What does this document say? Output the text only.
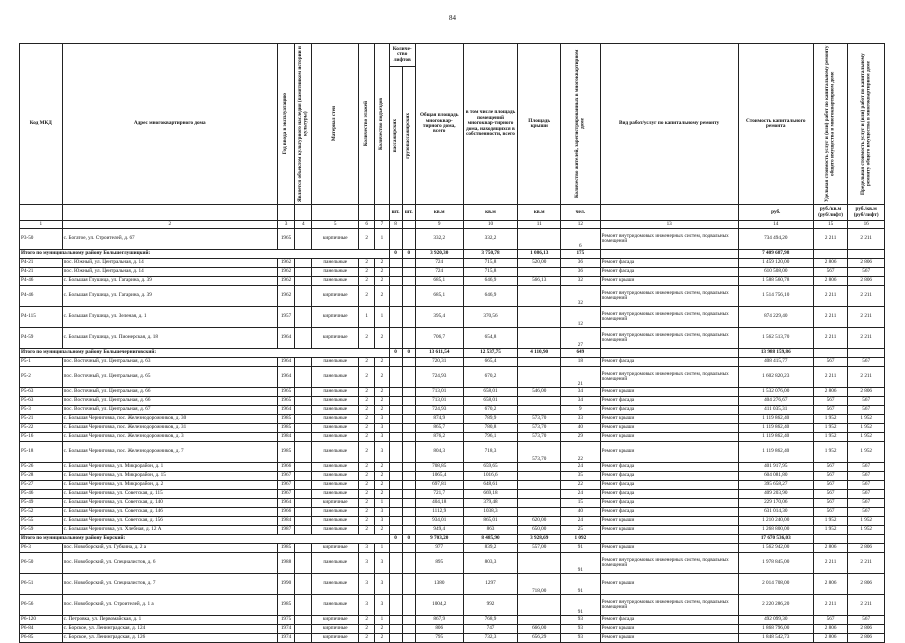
84
Код МКД	Адрес многоквартирного дома	Год ввода в эксплуатацию	Является объектом культурного наследия (памятником истории и культуры)	Материал стен	Количество этажей	Количество подъездов	Количе-ство лифтов		Общая площадь многоквар-тирного дома, всего	в том числе площадь помещений многоквар-тирного дома, находящихся в собственности, всего	Площадь крыши	Количество жителей, зарегистрированных в многоквартирном доме	Вид работ/услуг по капитальному ремонту	Стоимость капитального ремонта	Удельная стоимость услуг и (или) работ по капитальному ремонту общего имущества в многоквартирном доме	Предельная стоимость услуг и (или) работ по капитальному ремонту общего имущества в многоквартирном доме

							пассажирских	грузопассажирских								

							шт.	шт.	кв.м	кв.м	кв.м	чел.		руб.	руб./кв.м (руб/лифт)	руб./кв.м (руб/лифт)
1	2	3	4	5	6	7	8		9	10	11	12	13	14	15	16
Р3-50	с. Богатое, ул. Строителей, д. 67	1965		кирпичные	2	1			332,2	332,2		6	Ремонт внутридомовых инженерных систем, подвальных помещений	734 494,20	2 211	2 211
Итого по муниципальному району Большеглушицкий:							0	0	3 920,30	3 750,78	1 086,13	175		7 409 687,98		
Р4-21	пос. Южный, ул. Центральная, д. 14	1962		панельные	2	2			724	715,8	520,00	36	Ремонт фасада	1 459 120,00	2 806	2 806
Р4-21	пос. Южный, ул. Центральная, д. 14	1962		панельные	2	2			724	715,8		36	Ремонт фасада	610 508,00	567	567
Р4-46	с. Большая Глушица, ул. Гагарина, д. 39	1962		панельные	2	2			685,1	646,9	566,13	32	Ремонт крыши	1 588 560,78	2 806	2 806
Р4-46	с. Большая Глушица, ул. Гагарина, д. 39	1962		кирпичные	2	2			685,1	646,9		32	Ремонт внутридомовых инженерных систем, подвальных помещений	1 514 756,10	2 211	2 211
Р4-115	с. Большая Глушица, ул. Зеленая, д. 1	1957		кирпичные	1	1			395,4	370,56		12	Ремонт внутридомовых инженерных систем, подвальных помещений	874 229,40	2 211	2 211
Р4-59	с. Большая Глушица, ул. Пионерская, д. 18	1964		кирпичные	2	2			706,7	654,8		27	Ремонт внутридомовых инженерных систем, подвальных помещений	1 562 513,70	2 211	2 211
Итого по муниципальному району Большечерниговский:							0	0	13 611,54	12 537,75	4 110,90	649		13 988 159,86		
Р5-1	пос. Восточный, ул. Центральная, д. 63	1964		панельные	2	2			720,31	665,4		18	Ремонт фасада	408 415,77	567	567
Р5-2	пос. Восточный, ул. Центральная, д. 65	1964		панельные	2	2			724,93	670,2		21	Ремонт внутридомовых инженерных систем, подвальных помещений	1 602 820,23	2 211	2 211
Р5-63	пос. Восточный, ул. Центральная, д. 66	1965		панельные	2	2			713,01	658,01	546,00	34	Ремонт крыши	1 532 076,00	2 806	2 806
Р5-63	пос. Восточный, ул. Центральная, д. 66	1965		панельные	2	2			713,01	658,01		34	Ремонт фасада	404 276,67	567	567
Р5-3	пос. Восточный, ул. Центральная, д. 67	1964		панельные	2	2			724,93	670,2		9	Ремонт фасада	411 035,31	567	567
Р5-21	с. Большая Черниговка, пос. Железнодорожников, д. 30	1985		панельные	2	3			874,9	789,9	573,70	33	Ремонт крыши	1 119 862,40	1 952	1 952
Р5-22	с. Большая Черниговка, пос. Железнодорожников, д. 31	1985		панельные	2	3			865,7	780,8	573,70	40	Ремонт крыши	1 119 862,40	1 952	1 952
Р5-16	с. Большая Черниговка, пос. Железнодорожников, д. 3	1984		панельные	2	3			876,2	796,1	573,70	29	Ремонт крыши	1 119 862,40	1 952	1 952
Р5-18	с. Большая Черниговка, пос. Железнодорожников, д. 7	1985		панельные	2	3			804,3	718,3	573,70	22	Ремонт крыши	1 119 862,40	1 952	1 952
Р5-26	с. Большая Черниговка, ул. Микрорайон, д. 1	1966		панельные	2	2			708,85	659,65		24	Ремонт фасада	401 917,95	567	567
Р5-28	с. Большая Черниговка, ул. Микрорайон, д. 15	1967		панельные	2	2			1065,4	1016,6		35	Ремонт фасада	604 081,80	567	567
Р5-27	с. Большая Черниговка, ул. Микрорайон, д. 2	1967		панельные	2	2			697,81	648,61		22	Ремонт фасада	395 658,27	567	567
Р5-46	с. Большая Черниговка, ул. Советская, д. 115	1967		панельные	2	2			721,7	669,18		24	Ремонт фасада	409 203,90	567	567
Р5-49	с. Большая Черниговка, ул. Советская, д. 140	1964		кирпичные	2	1			404,18	379,48		15	Ремонт фасада	229 170,06	567	567
Р5-52	с. Большая Черниговка, ул. Советская, д. 146	1966		панельные	2	3			1112,9	1038,3		40	Ремонт фасада	631 014,30	567	567
Р5-55	с. Большая Черниговка, ул. Советская, д. 156	1984		панельные	2	3			934,01	865,01	620,00	24	Ремонт крыши	1 210 240,00	1 952	1 952
Р5-59	с. Большая Черниговка, ул. Хлебная, д. 12 А	1987		панельные	2	2			949,4	863	650,00	25	Ремонт крыши	1 268 800,00	1 952	1 952
Итого по муниципальному району Борский:							0	0	9 703,20	8 485,90	3 928,69	1 092		17 670 536,03		
Р6-3	пос. Новоборский, ул. Губкина, д. 2 а	1985		кирпичные	3	1			977	839,2	557,00	91	Ремонт крыши	1 562 942,00	2 806	2 806
Р6-50	пос. Новоборский, ул. Специалистов, д. 6	1988		панельные	3	3			895	803,3		91	Ремонт внутридомовых инженерных систем, подвальных помещений	1 978 845,00	2 211	2 211
Р6-51	пос. Новоборский, ул. Специалистов, д. 7	1990		панельные	3	3			1380	1297	718,00	91	Ремонт крыши	2 014 708,00	2 806	2 806
Р6-56	пос. Новоборский, ул. Строителей, д. 1 а	1985		панельные	3	3			1004,2	992		91	Ремонт внутридомовых инженерных систем, подвальных помещений	2 220 286,20	2 211	2 211
Р6-120	с. Петровка, ул. Первомайская, д. 1	1975		кирпичные	2	1			867,9	768,9		93	Ремонт фасада	492 099,30	567	567
Р6-84	с. Борское, ул. Ленинградская, д. 124	1974		кирпичные	2	2			806	747	666,00	93	Ремонт крыши	1 868 796,00	2 806	2 806
Р6-85	с. Борское, ул. Ленинградская, д. 126	1974		кирпичные	2	2			795	732,3	656,29	93	Ремонт крыши	1 848 542,73	2 806	2 806
